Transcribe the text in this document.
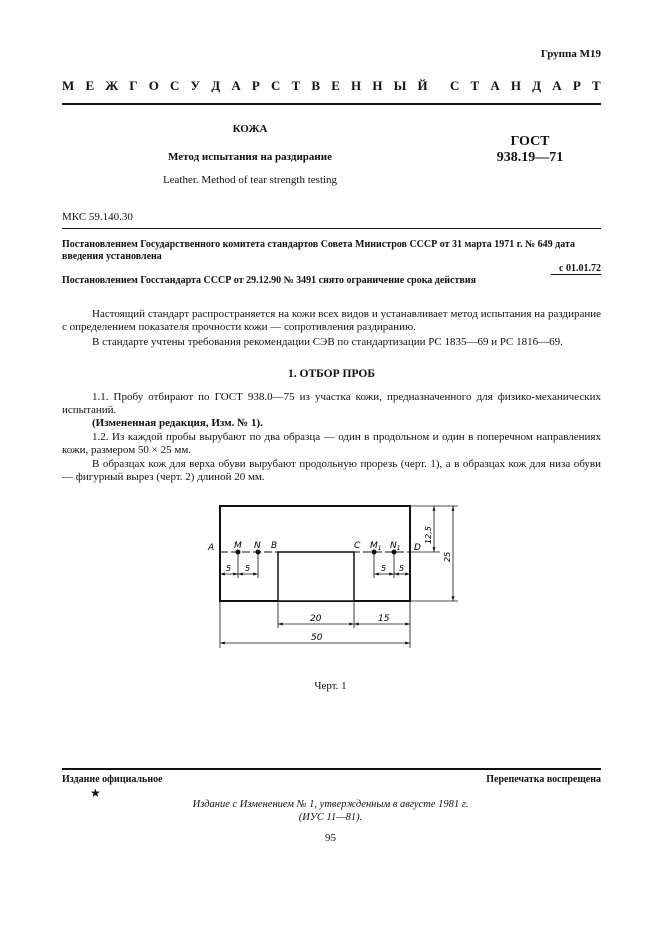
Группа М19
М Е Ж Г О С У Д А Р С Т В Е Н Н Ы Й С Т А Н Д А Р Т
КОЖА
Метод испытания на раздирание
Leather. Method of tear strength testing
ГОСТ
938.19—71
МКС 59.140.30
Постановлением Государственного комитета стандартов Совета Министров СССР от 31 марта 1971 г. № 649 дата введения установлена
с 01.01.72
Постановлением Госстандарта СССР от 29.12.90 № 3491 снято ограничение срока действия
Настоящий стандарт распространяется на кожи всех видов и устанавливает метод испытания на раздирание с определением показателя прочности кожи — сопротивления раздиранию.
В стандарте учтены требования рекомендации СЭВ по стандартизации PC 1835—69 и PC 1816—69.
1. ОТБОР ПРОБ
1.1. Пробу отбирают по ГОСТ 938.0—75 из участка кожи, предназначенного для физико-механических испытаний.
(Измененная редакция, Изм. № 1).
1.2. Из каждой пробы вырубают по два образца — один в продольном и один в поперечном направлениях кожи, размером 50 × 25 мм.
В образцах кож для верха обуви вырубают продольную прорезь (черт. 1), а в образцах кож для низа обуви — фигурный вырез (черт. 2) длиной 20 мм.
A M N B	C $M_1$ $N_1$ D
5 5	5 5
20	15
50
12,5
25
Черт. 1
Издание официальное	Перепечатка воспрещена
★
Издание с Изменением № 1, утвержденным в августе 1981 г.
(ИУС 11—81).
95
